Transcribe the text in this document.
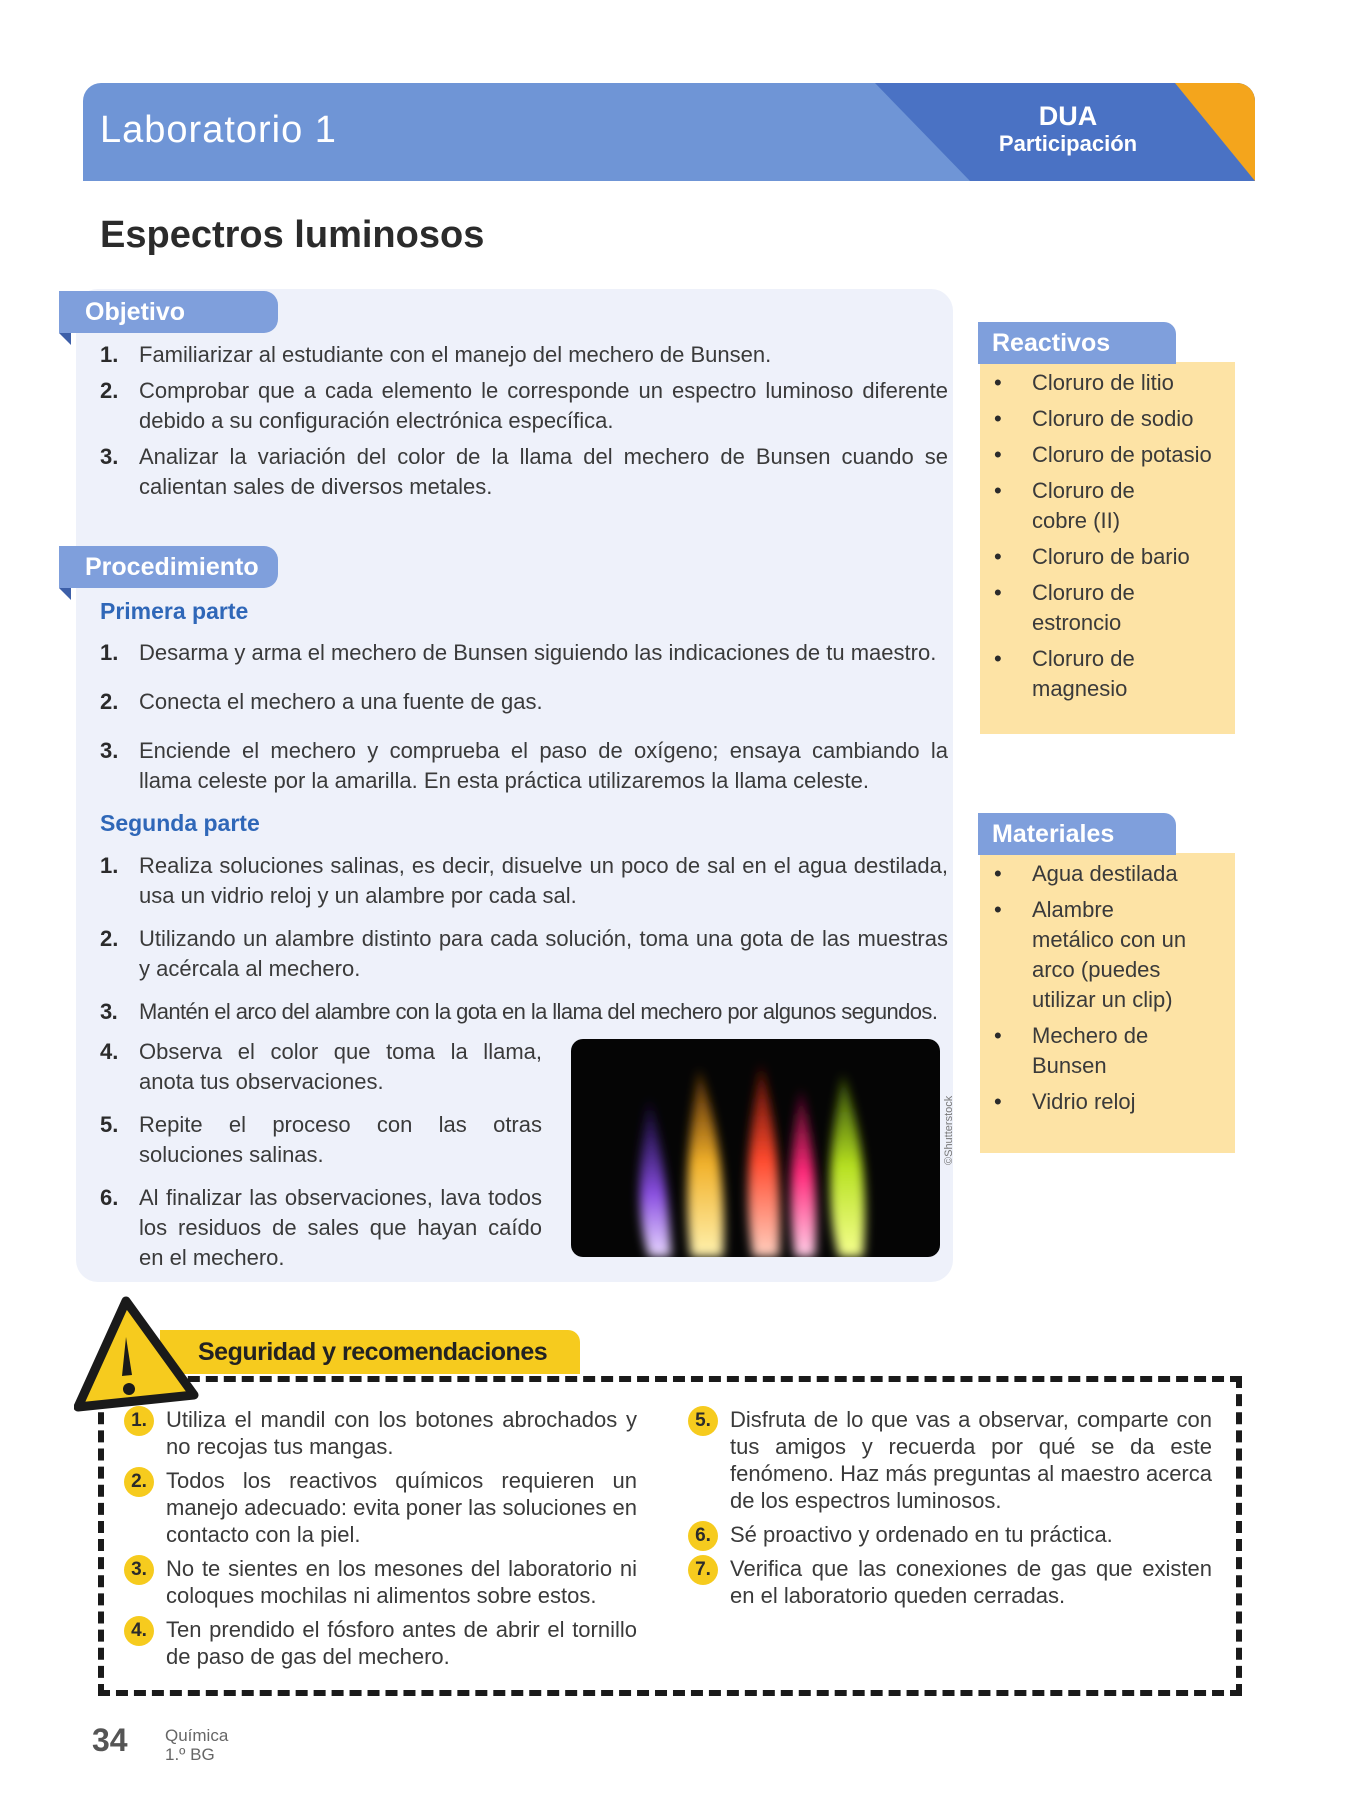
Laboratorio 1	DUA
Participación
Espectros luminosos
Objetivo
1. Familiarizar al estudiante con el manejo del mechero de Bunsen.
2. Comprobar que a cada elemento le corresponde un espectro luminoso diferente debido a su configuración electrónica específica.
3. Analizar la variación del color de la llama del mechero de Bunsen cuando se calientan sales de diversos metales.
Procedimiento
Primera parte
1. Desarma y arma el mechero de Bunsen siguiendo las indicaciones de tu maestro.
2. Conecta el mechero a una fuente de gas.
3. Enciende el mechero y comprueba el paso de oxígeno; ensaya cambiando la llama celeste por la amarilla. En esta práctica utilizaremos la llama celeste.
Segunda parte
1. Realiza soluciones salinas, es decir, disuelve un poco de sal en el agua destilada, usa un vidrio reloj y un alambre por cada sal.
2. Utilizando un alambre distinto para cada solución, toma una gota de las muestras y acércala al mechero.
3. Mantén el arco del alambre con la gota en la llama del mechero por algunos segundos.
4. Observa el color que toma la llama, anota tus observaciones.
5. Repite el proceso con las otras soluciones salinas.
6. Al finalizar las observaciones, lava todos los residuos de sales que hayan caído en el mechero.
©Shutterstock
Reactivos
• Cloruro de litio
• Cloruro de sodio
• Cloruro de potasio
• Cloruro de cobre (II)
• Cloruro de bario
• Cloruro de estroncio
• Cloruro de magnesio
Materiales
• Agua destilada
• Alambre metálico con un arco (puedes utilizar un clip)
• Mechero de Bunsen
• Vidrio reloj
Seguridad y recomendaciones
1. Utiliza el mandil con los botones abrochados y no recojas tus mangas.
2. Todos los reactivos químicos requieren un manejo adecuado: evita poner las soluciones en contacto con la piel.
3. No te sientes en los mesones del laboratorio ni coloques mochilas ni alimentos sobre estos.
4. Ten prendido el fósforo antes de abrir el tornillo de paso de gas del mechero.
5. Disfruta de lo que vas a observar, comparte con tus amigos y recuerda por qué se da este fenómeno. Haz más preguntas al maestro acerca de los espectros luminosos.
6. Sé proactivo y ordenado en tu práctica.
7. Verifica que las conexiones de gas que existen en el laboratorio queden cerradas.
34 Química
1.º BG
